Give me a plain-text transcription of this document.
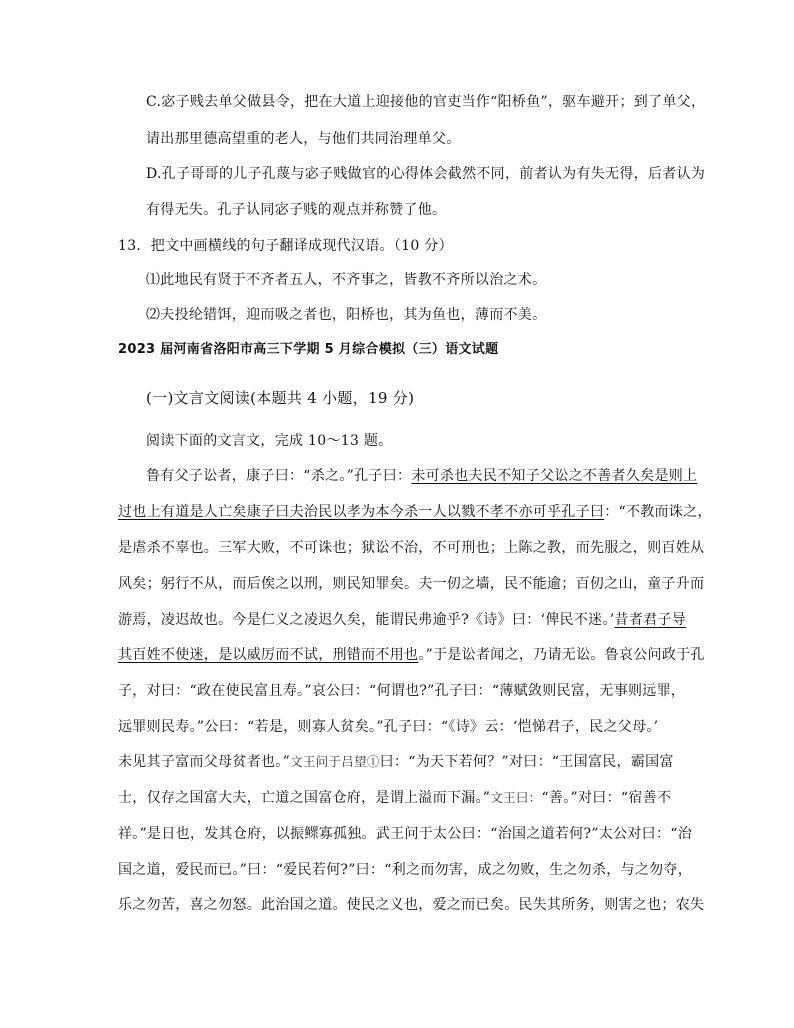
C.宓子贱去单父做县令，把在大道上迎接他的官吏当作“阳桥鱼”，驱车避开；到了单父，
请出那里德高望重的老人，与他们共同治理单父。
D.孔子哥哥的儿子孔蔑与宓子贱做官的心得体会截然不同，前者认为有失无得，后者认为
有得无失。孔子认同宓子贱的观点并称赞了他。
13．把文中画横线的句子翻译成现代汉语。（10 分）
⑴此地民有贤于不齐者五人，不齐事之，皆教不齐所以治之术。
⑵夫投纶错饵，迎而吸之者也，阳桥也，其为鱼也，薄而不美。
2023 届河南省洛阳市高三下学期 5 月综合模拟（三）语文试题
(一)文言文阅读(本题共 4 小题，19 分)
阅读下面的文言文，完成 10～13 题。
鲁有父子讼者，康子曰：“杀之。”孔子曰：未可杀也夫民不知子父讼之不善者久矣是则上
过也上有道是人亡矣康子曰夫治民以孝为本今杀一人以戮不孝不亦可乎孔子曰：“不教而诛之，
是虐杀不辜也。三军大败，不可诛也；狱讼不治，不可刑也；上陈之教，而先服之，则百姓从
风矣；躬行不从，而后俟之以刑，则民知罪矣。夫一仞之墙，民不能逾；百仞之山，童子升而
游焉，凌迟故也。今是仁义之凌迟久矣，能谓民弗逾乎?《诗》曰：‘俾民不迷。’昔者君子导
其百姓不使迷，是以威厉而不试，刑错而不用也。”于是讼者闻之，乃请无讼。鲁哀公问政于孔
子，对曰：“政在使民富且寿。”哀公曰：“何谓也?”孔子曰：“薄赋敛则民富，无事则远罪，
远罪则民寿。”公曰：“若是，则寡人贫矣。”孔子曰：“《诗》云：‘恺悌君子，民之父母。’
未见其子富而父母贫者也。”文王问于吕望①曰：“为天下若何？”对曰：“王国富民，霸国富
士，仅存之国富大夫，亡道之国富仓府，是谓上溢而下漏。”文王曰：“善。”对曰：“宿善不
祥。”是日也，发其仓府，以振鳏寡孤独。武王问于太公曰：“治国之道若何?”太公对曰：“治
国之道，爱民而已。”曰：“爱民若何?”曰：“利之而勿害，成之勿败，生之勿杀，与之勿夺，
乐之勿苦，喜之勿怒。此治国之道。使民之义也，爱之而已矣。民失其所务，则害之也；农失
